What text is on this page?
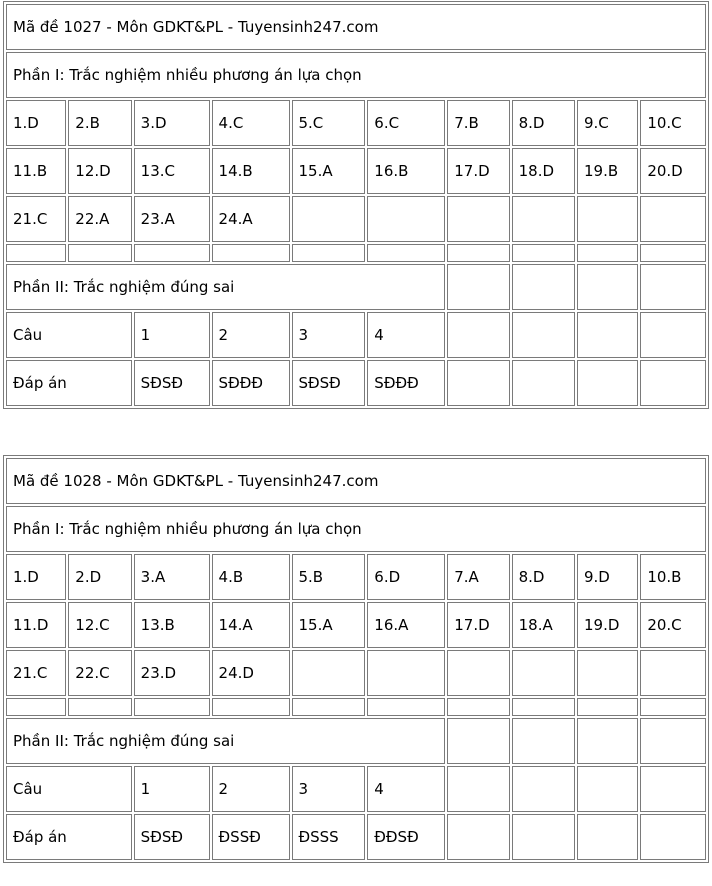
Mã đề 1027 - Môn GDKT&PL - Tuyensinh247.com									
Phần I: Trắc nghiệm nhiều phương án lựa chọn									
1.D	2.B	3.D	4.C	5.C	6.C	7.B	8.D	9.C	10.C
11.B	12.D	13.C	14.B	15.A	16.B	17.D	18.D	19.B	20.D
21.C	22.A	23.A	24.A						

Phần II: Trắc nghiệm đúng sai									
Câu		1	2	3	4				
Đáp án		SĐSĐ	SĐĐĐ	SĐSĐ	SĐĐĐ				
Mã đề 1028 - Môn GDKT&PL - Tuyensinh247.com									
Phần I: Trắc nghiệm nhiều phương án lựa chọn									
1.D	2.D	3.A	4.B	5.B	6.D	7.A	8.D	9.D	10.B
11.D	12.C	13.B	14.A	15.A	16.A	17.D	18.A	19.D	20.C
21.C	22.C	23.D	24.D						

Phần II: Trắc nghiệm đúng sai									
Câu		1	2	3	4				
Đáp án		SĐSĐ	ĐSSĐ	ĐSSS	ĐĐSĐ				
